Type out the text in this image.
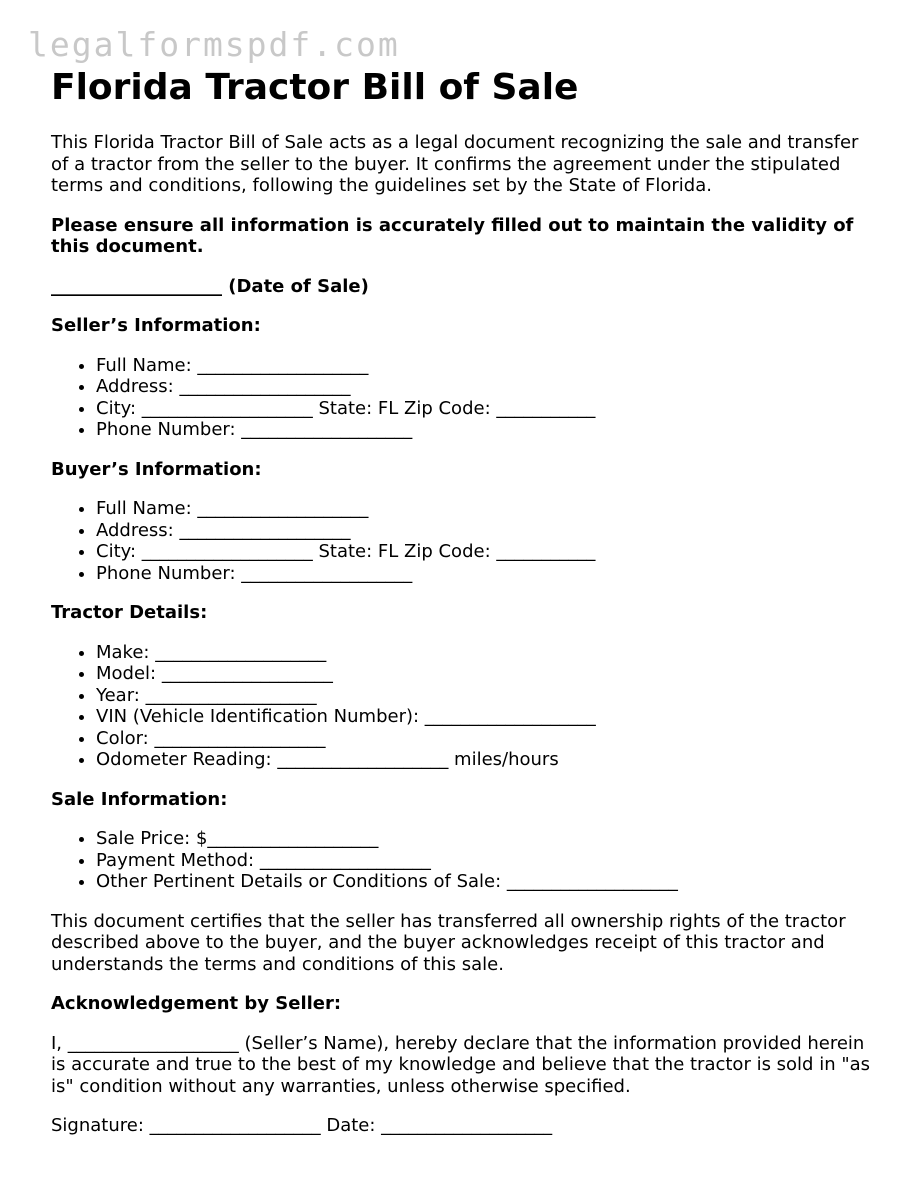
legalformspdf.com
Florida Tractor Bill of Sale

This Florida Tractor Bill of Sale acts as a legal document recognizing the sale and transfer of a tractor from the seller to the buyer. It confirms the agreement under the stipulated terms and conditions, following the guidelines set by the State of Florida.

Please ensure all information is accurately filled out to maintain the validity of this document.

___________________ (Date of Sale)

Seller’s Information:
• Full Name: ___________________
• Address: ___________________
• City: ___________________ State: FL Zip Code: ___________
• Phone Number: ___________________
Buyer’s Information:
• Full Name: ___________________
• Address: ___________________
• City: ___________________ State: FL Zip Code: ___________
• Phone Number: ___________________
Tractor Details:
• Make: ___________________
• Model: ___________________
• Year: ___________________
• VIN (Vehicle Identification Number): ___________________
• Color: ___________________
• Odometer Reading: ___________________ miles/hours
Sale Information:
• Sale Price: $___________________
• Payment Method: ___________________
• Other Pertinent Details or Conditions of Sale: ___________________

This document certifies that the seller has transferred all ownership rights of the tractor described above to the buyer, and the buyer acknowledges receipt of this tractor and understands the terms and conditions of this sale.

Acknowledgement by Seller:

I, ___________________ (Seller’s Name), hereby declare that the information provided herein is accurate and true to the best of my knowledge and believe that the tractor is sold in "as is" condition without any warranties, unless otherwise specified.

Signature: ___________________ Date: ___________________
